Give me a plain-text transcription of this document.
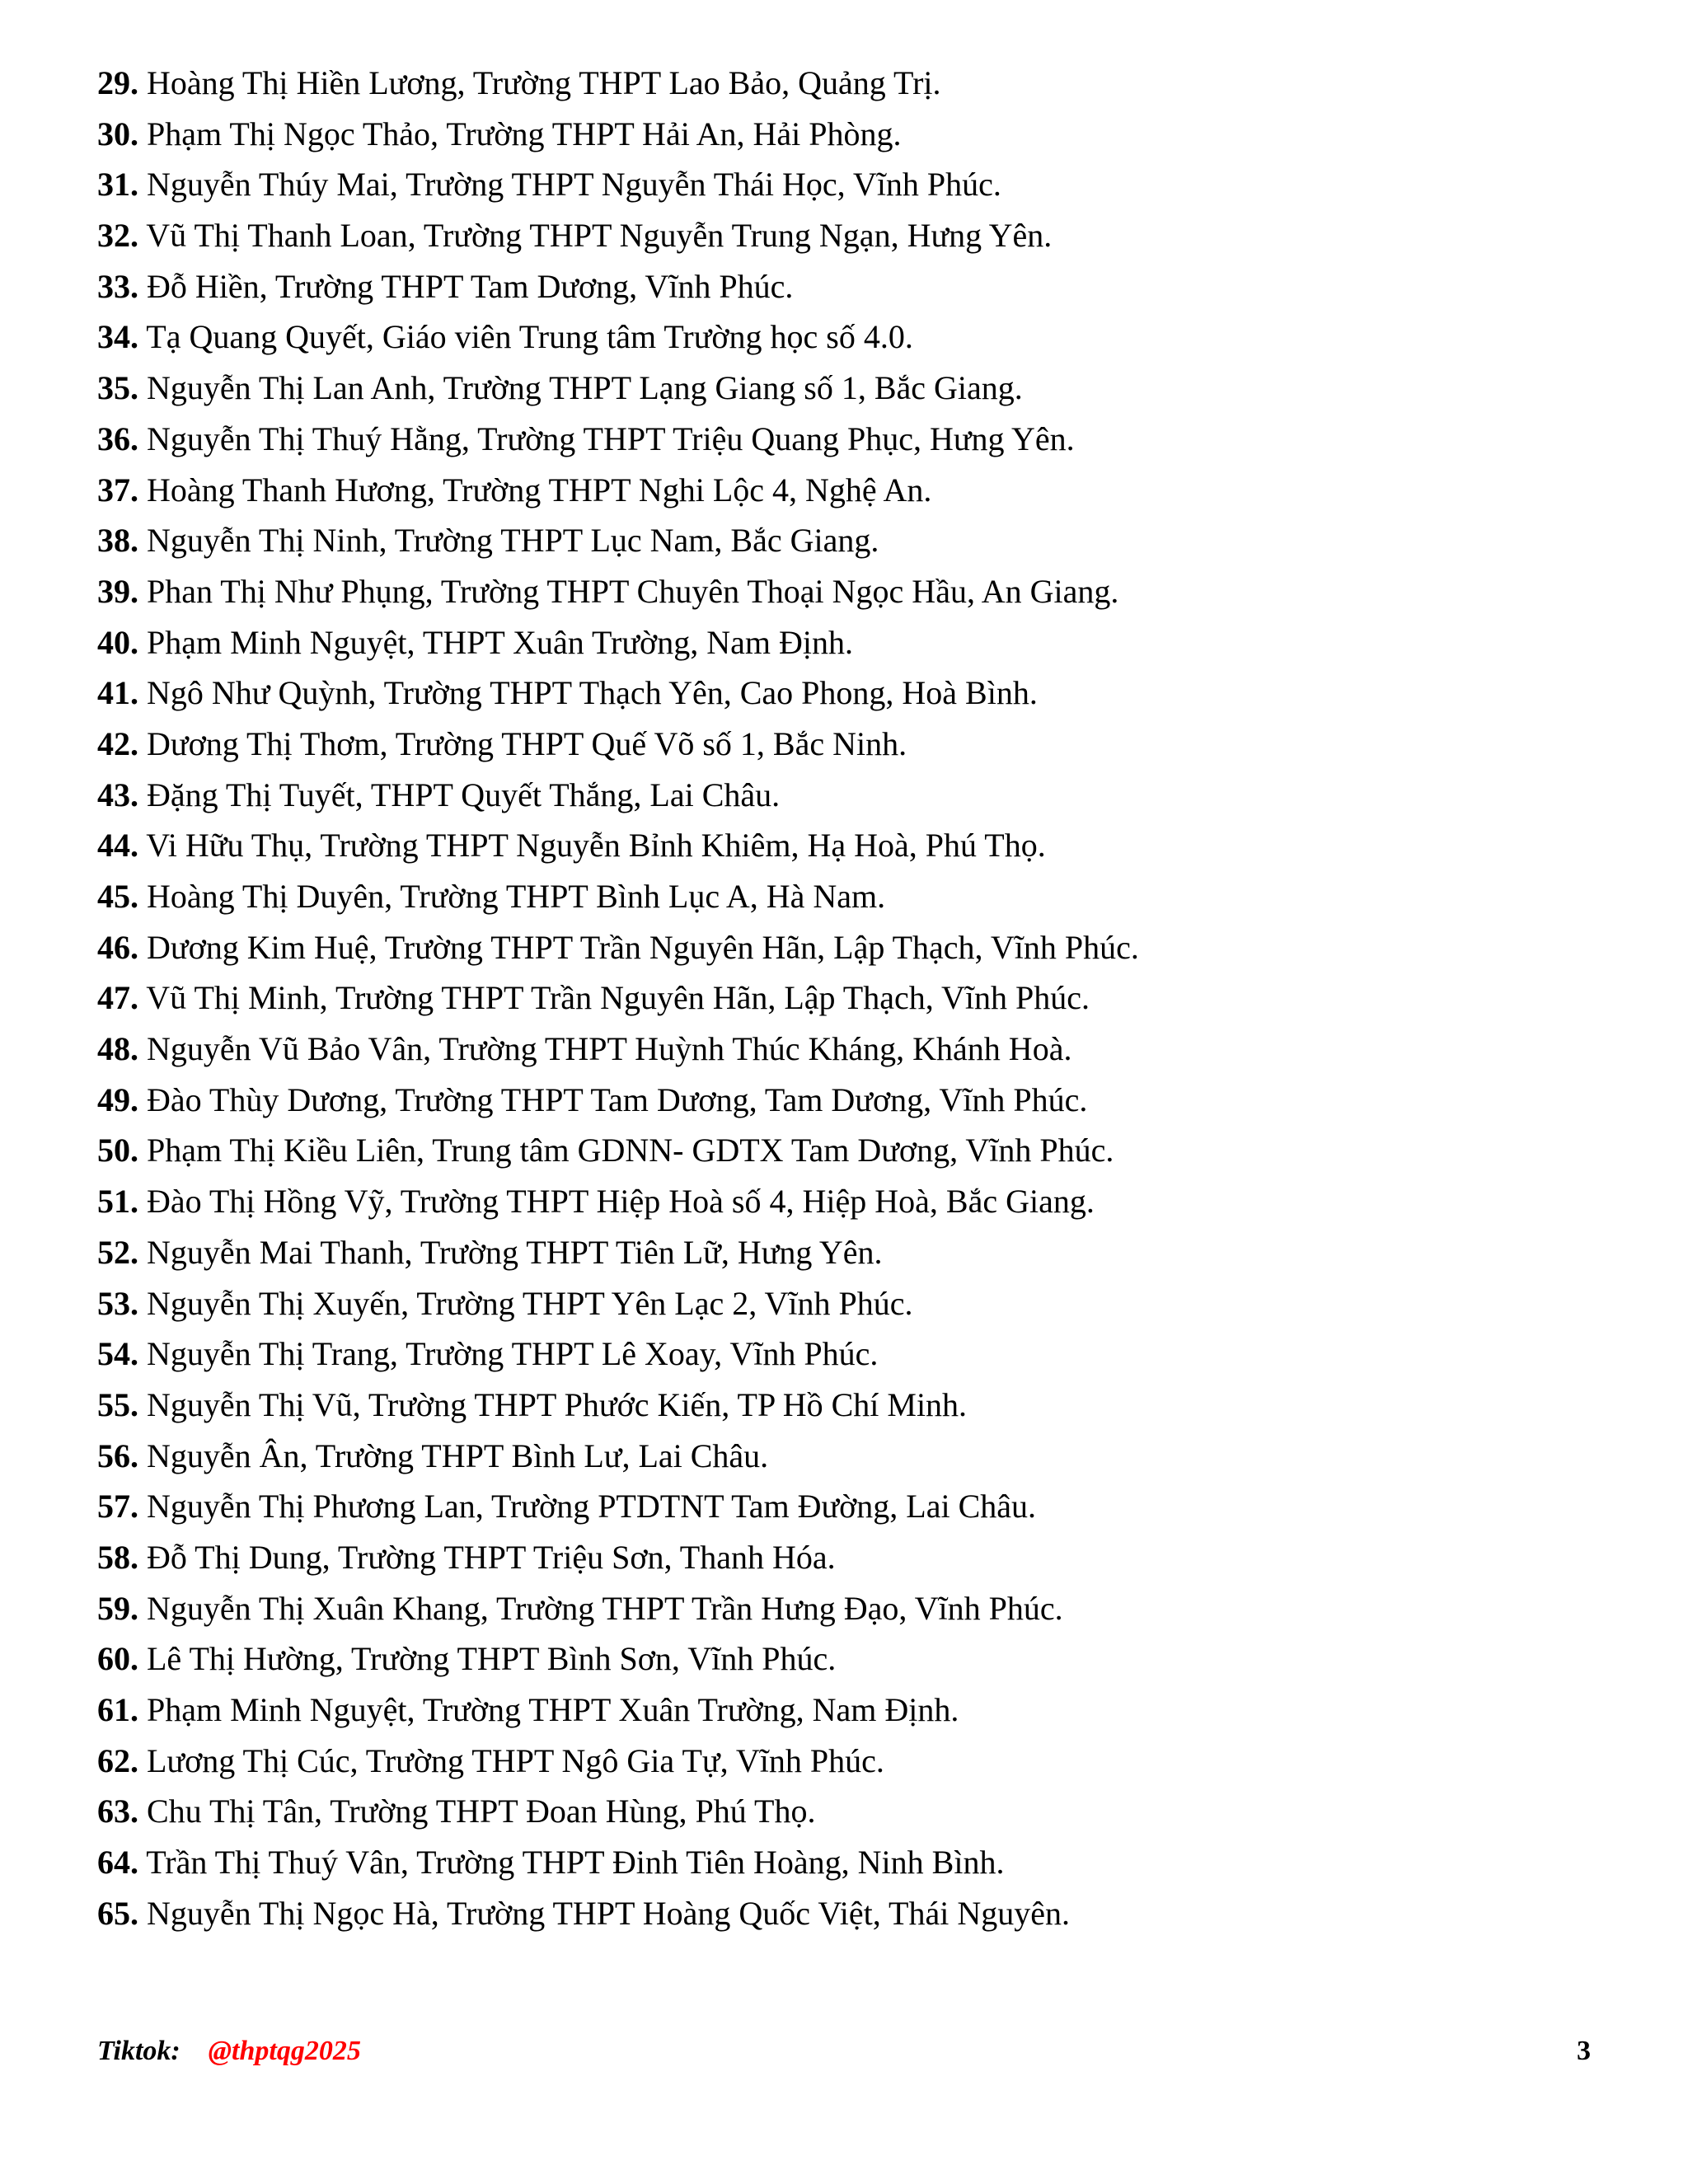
29. Hoàng Thị Hiền Lương, Trường THPT Lao Bảo, Quảng Trị.
30. Phạm Thị Ngọc Thảo, Trường THPT Hải An, Hải Phòng.
31. Nguyễn Thúy Mai, Trường THPT Nguyễn Thái Học, Vĩnh Phúc.
32. Vũ Thị Thanh Loan, Trường THPT Nguyễn Trung Ngạn, Hưng Yên.
33. Đỗ Hiền, Trường THPT Tam Dương, Vĩnh Phúc.
34. Tạ Quang Quyết, Giáo viên Trung tâm Trường học số 4.0.
35. Nguyễn Thị Lan Anh, Trường THPT Lạng Giang số 1, Bắc Giang.
36. Nguyễn Thị Thuý Hằng, Trường THPT Triệu Quang Phục, Hưng Yên.
37. Hoàng Thanh Hương, Trường THPT Nghi Lộc 4, Nghệ An.
38. Nguyễn Thị Ninh, Trường THPT Lục Nam, Bắc Giang.
39. Phan Thị Như Phụng, Trường THPT Chuyên Thoại Ngọc Hầu, An Giang.
40. Phạm Minh Nguyệt, THPT Xuân Trường, Nam Định.
41. Ngô Như Quỳnh, Trường THPT Thạch Yên, Cao Phong, Hoà Bình.
42. Dương Thị Thơm, Trường THPT Quế Võ số 1, Bắc Ninh.
43. Đặng Thị Tuyết, THPT Quyết Thắng, Lai Châu.
44. Vi Hữu Thụ, Trường THPT Nguyễn Bỉnh Khiêm, Hạ Hoà, Phú Thọ.
45. Hoàng Thị Duyên, Trường THPT Bình Lục A, Hà Nam.
46. Dương Kim Huệ, Trường THPT Trần Nguyên Hãn, Lập Thạch, Vĩnh Phúc.
47. Vũ Thị Minh, Trường THPT Trần Nguyên Hãn, Lập Thạch, Vĩnh Phúc.
48. Nguyễn Vũ Bảo Vân, Trường THPT Huỳnh Thúc Kháng, Khánh Hoà.
49. Đào Thùy Dương, Trường THPT Tam Dương, Tam Dương, Vĩnh Phúc.
50. Phạm Thị Kiều Liên, Trung tâm GDNN- GDTX Tam Dương, Vĩnh Phúc.
51. Đào Thị Hồng Vỹ, Trường THPT Hiệp Hoà số 4, Hiệp Hoà, Bắc Giang.
52. Nguyễn Mai Thanh, Trường THPT Tiên Lữ, Hưng Yên.
53. Nguyễn Thị Xuyến, Trường THPT Yên Lạc 2, Vĩnh Phúc.
54. Nguyễn Thị Trang, Trường THPT Lê Xoay, Vĩnh Phúc.
55. Nguyễn Thị Vũ, Trường THPT Phước Kiến, TP Hồ Chí Minh.
56. Nguyễn Ân, Trường THPT Bình Lư, Lai Châu.
57. Nguyễn Thị Phương Lan, Trường PTDTNT Tam Đường, Lai Châu.
58. Đỗ Thị Dung, Trường THPT Triệu Sơn, Thanh Hóa.
59. Nguyễn Thị Xuân Khang, Trường THPT Trần Hưng Đạo, Vĩnh Phúc.
60. Lê Thị Hường, Trường THPT Bình Sơn, Vĩnh Phúc.
61. Phạm Minh Nguyệt, Trường THPT Xuân Trường, Nam Định.
62. Lương Thị Cúc, Trường THPT Ngô Gia Tự, Vĩnh Phúc.
63. Chu Thị Tân, Trường THPT Đoan Hùng, Phú Thọ.
64. Trần Thị Thuý Vân, Trường THPT Đinh Tiên Hoàng, Ninh Bình.
65. Nguyễn Thị Ngọc Hà, Trường THPT Hoàng Quốc Việt, Thái Nguyên.
Tiktok: @thptqg2025	3
